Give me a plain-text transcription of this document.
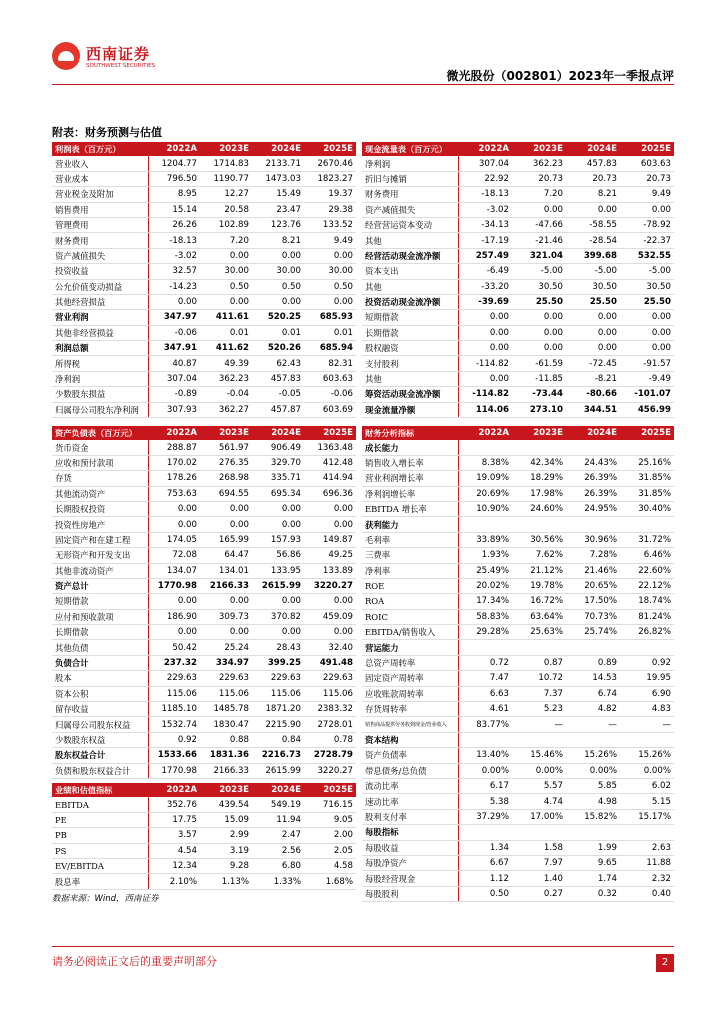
西南证券
SOUTHWEST SECURITIES
微光股份（002801）2023年一季报点评
附表：财务预测与估值
利润表（百万元）	2022A	2023E	2024E	2025E
营业收入	1204.77	1714.83	2133.71	2670.46
营业成本	796.50	1190.77	1473.03	1823.27
营业税金及附加	8.95	12.27	15.49	19.37
销售费用	15.14	20.58	23.47	29.38
管理费用	26.26	102.89	123.76	133.52
财务费用	-18.13	7.20	8.21	9.49
资产减值损失	-3.02	0.00	0.00	0.00
投资收益	32.57	30.00	30.00	30.00
公允价值变动损益	-14.23	0.50	0.50	0.50
其他经营损益	0.00	0.00	0.00	0.00
营业利润	347.97	411.61	520.25	685.93
其他非经营损益	-0.06	0.01	0.01	0.01
利润总额	347.91	411.62	520.26	685.94
所得税	40.87	49.39	62.43	82.31
净利润	307.04	362.23	457.83	603.63
少数股东损益	-0.89	-0.04	-0.05	-0.06
归属母公司股东净利润	307.93	362.27	457.87	603.69
现金流量表（百万元）	2022A	2023E	2024E	2025E
净利润	307.04	362.23	457.83	603.63
折旧与摊销	22.92	20.73	20.73	20.73
财务费用	-18.13	7.20	8.21	9.49
资产减值损失	-3.02	0.00	0.00	0.00
经营营运资本变动	-34.13	-47.66	-58.55	-78.92
其他	-17.19	-21.46	-28.54	-22.37
经营活动现金流净额	257.49	321.04	399.68	532.55
资本支出	-6.49	-5.00	-5.00	-5.00
其他	-33.20	30.50	30.50	30.50
投资活动现金流净额	-39.69	25.50	25.50	25.50
短期借款	0.00	0.00	0.00	0.00
长期借款	0.00	0.00	0.00	0.00
股权融资	0.00	0.00	0.00	0.00
支付股利	-114.82	-61.59	-72.45	-91.57
其他	0.00	-11.85	-8.21	-9.49
筹资活动现金流净额	-114.82	-73.44	-80.66	-101.07
现金流量净额	114.06	273.10	344.51	456.99
资产负债表（百万元）	2022A	2023E	2024E	2025E
货币资金	288.87	561.97	906.49	1363.48
应收和预付款项	170.02	276.35	329.70	412.48
存货	178.26	268.98	335.71	414.94
其他流动资产	753.63	694.55	695.34	696.36
长期股权投资	0.00	0.00	0.00	0.00
投资性房地产	0.00	0.00	0.00	0.00
固定资产和在建工程	174.05	165.99	157.93	149.87
无形资产和开发支出	72.08	64.47	56.86	49.25
其他非流动资产	134.07	134.01	133.95	133.89
资产总计	1770.98	2166.33	2615.99	3220.27
短期借款	0.00	0.00	0.00	0.00
应付和预收款项	186.90	309.73	370.82	459.09
长期借款	0.00	0.00	0.00	0.00
其他负债	50.42	25.24	28.43	32.40
负债合计	237.32	334.97	399.25	491.48
股本	229.63	229.63	229.63	229.63
资本公积	115.06	115.06	115.06	115.06
留存收益	1185.10	1485.78	1871.20	2383.32
归属母公司股东权益	1532.74	1830.47	2215.90	2728.01
少数股东权益	0.92	0.88	0.84	0.78
股东权益合计	1533.66	1831.36	2216.73	2728.79
负债和股东权益合计	1770.98	2166.33	2615.99	3220.27
财务分析指标	2022A	2023E	2024E	2025E
成长能力				
销售收入增长率	8.38%	42.34%	24.43%	25.16%
营业利润增长率	19.09%	18.29%	26.39%	31.85%
净利润增长率	20.69%	17.98%	26.39%	31.85%
EBITDA 增长率	10.90%	24.60%	24.95%	30.40%
获利能力				
毛利率	33.89%	30.56%	30.96%	31.72%
三费率	1.93%	7.62%	7.28%	6.46%
净利率	25.49%	21.12%	21.46%	22.60%
ROE	20.02%	19.78%	20.65%	22.12%
ROA	17.34%	16.72%	17.50%	18.74%
ROIC	58.83%	63.64%	70.73%	81.24%
EBITDA/销售收入	29.28%	25.63%	25.74%	26.82%
营运能力				
总资产周转率	0.72	0.87	0.89	0.92
固定资产周转率	7.47	10.72	14.53	19.95
应收账款周转率	6.63	7.37	6.74	6.90
存货周转率	4.61	5.23	4.82	4.83
销售商品提供劳务收到现金/营业收入	83.77%	—	—	—
资本结构				
资产负债率	13.40%	15.46%	15.26%	15.26%
带息债务/总负债	0.00%	0.00%	0.00%	0.00%
流动比率	6.17	5.57	5.85	6.02
速动比率	5.38	4.74	4.98	5.15
股利支付率	37.29%	17.00%	15.82%	15.17%
每股指标				
每股收益	1.34	1.58	1.99	2.63
每股净资产	6.67	7.97	9.65	11.88
每股经营现金	1.12	1.40	1.74	2.32
每股股利	0.50	0.27	0.32	0.40
业绩和估值指标	2022A	2023E	2024E	2025E
EBITDA	352.76	439.54	549.19	716.15
PE	17.75	15.09	11.94	9.05
PB	3.57	2.99	2.47	2.00
PS	4.54	3.19	2.56	2.05
EV/EBITDA	12.34	9.28	6.80	4.58
股息率	2.10%	1.13%	1.33%	1.68%
数据来源：Wind，西南证券
请务必阅读正文后的重要声明部分	2
